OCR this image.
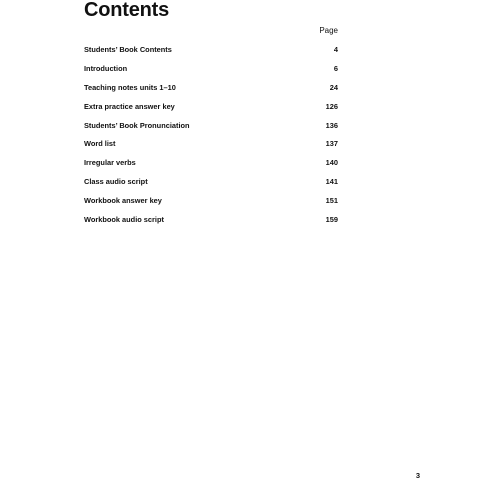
Contents
Page
Students’ Book Contents	4
Introduction	6
Teaching notes units 1–10	24
Extra practice answer key	126
Students’ Book Pronunciation	136
Word list	137
Irregular verbs	140
Class audio script	141
Workbook answer key	151
Workbook audio script	159
3
